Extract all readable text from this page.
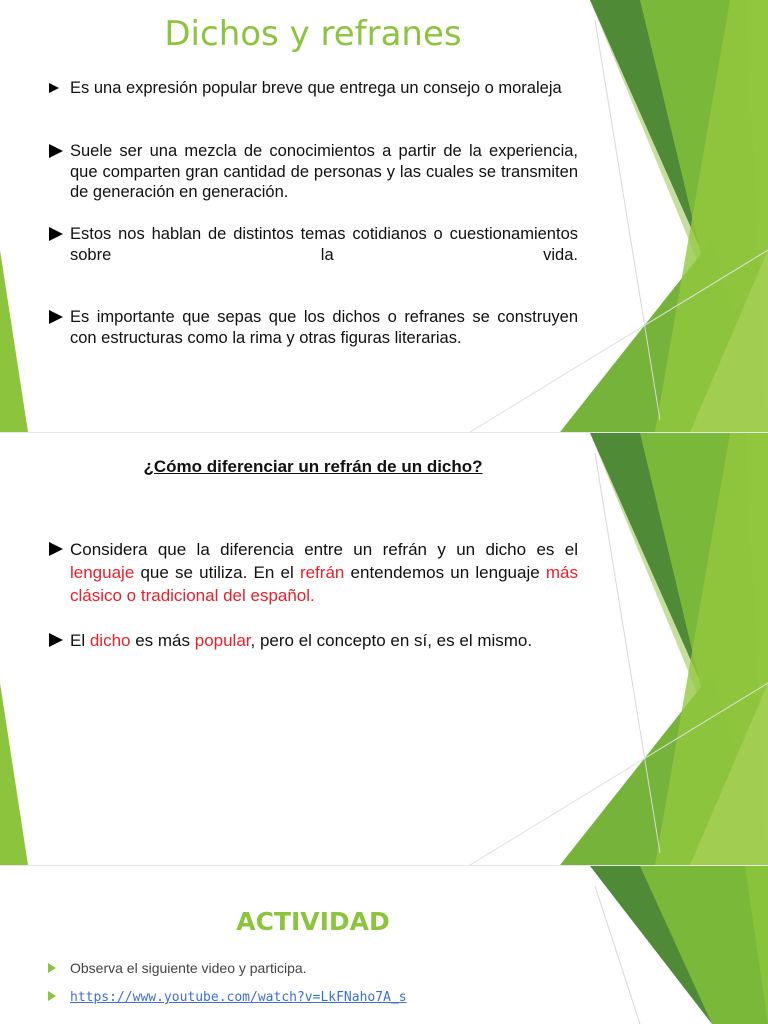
Dichos y refranes
Es una expresión popular breve que entrega un consejo o moraleja
Suele ser una mezcla de conocimientos a partir de la experiencia, que comparten gran cantidad de personas y las cuales se transmiten de generación en generación.
Estos nos hablan de distintos temas cotidianos o cuestionamientos sobre la vida.
Es importante que sepas que los dichos o refranes se construyen con estructuras como la rima y otras figuras literarias.
¿Cómo diferenciar un refrán de un dicho?
Considera que la diferencia entre un refrán y un dicho es el lenguaje que se utiliza. En el refrán entendemos un lenguaje más clásico o tradicional del español.
El dicho es más popular, pero el concepto en sí, es el mismo.
ACTIVIDAD
Observa el siguiente video y participa.
https://www.youtube.com/watch?v=LkFNaho7A_s
